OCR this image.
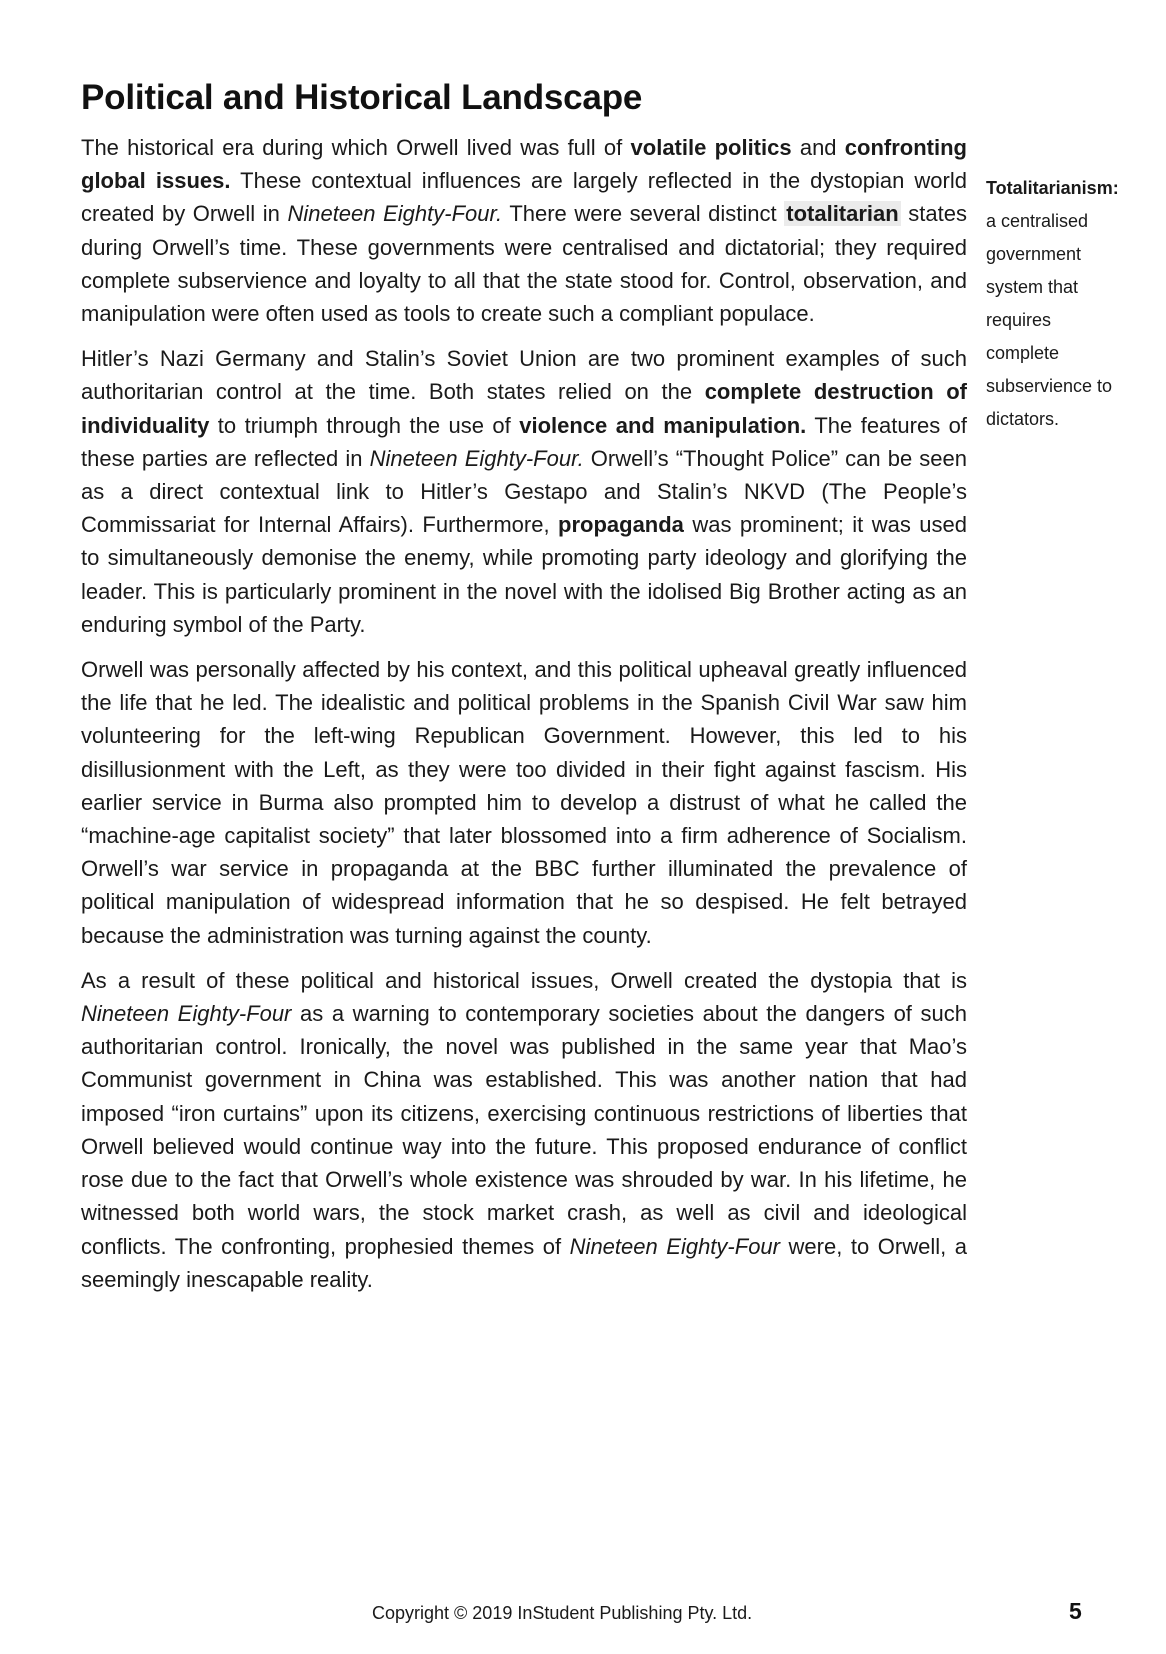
Political and Historical Landscape

The historical era during which Orwell lived was full of volatile politics and confronting global issues. These contextual influences are largely reflected in the dystopian world created by Orwell in Nineteen Eighty-Four. There were several distinct totalitarian states during Orwell’s time. These governments were centralised and dictatorial; they required complete subservience and loyalty to all that the state stood for. Control, observation, and manipulation were often used as tools to create such a compliant populace.

Hitler’s Nazi Germany and Stalin’s Soviet Union are two prominent examples of such authoritarian control at the time. Both states relied on the complete destruction of individuality to triumph through the use of violence and manipulation. The features of these parties are reflected in Nineteen Eighty-Four. Orwell’s “Thought Police” can be seen as a direct contextual link to Hitler’s Gestapo and Stalin’s NKVD (The People’s Commissariat for Internal Affairs). Furthermore, propaganda was prominent; it was used to simultaneously demonise the enemy, while promoting party ideology and glorifying the leader. This is particularly prominent in the novel with the idolised Big Brother acting as an enduring symbol of the Party.

Orwell was personally affected by his context, and this political upheaval greatly influenced the life that he led. The idealistic and political problems in the Spanish Civil War saw him volunteering for the left-wing Republican Government. However, this led to his disillusionment with the Left, as they were too divided in their fight against fascism. His earlier service in Burma also prompted him to develop a distrust of what he called the “machine-age capitalist society” that later blossomed into a firm adherence of Socialism. Orwell’s war service in propaganda at the BBC further illuminated the prevalence of political manipulation of widespread information that he so despised. He felt betrayed because the administration was turning against the county.

As a result of these political and historical issues, Orwell created the dystopia that is Nineteen Eighty-Four as a warning to contemporary societies about the dangers of such authoritarian control. Ironically, the novel was published in the same year that Mao’s Communist government in China was established. This was another nation that had imposed “iron curtains” upon its citizens, exercising continuous restrictions of liberties that Orwell believed would continue way into the future. This proposed endurance of conflict rose due to the fact that Orwell’s whole existence was shrouded by war. In his lifetime, he witnessed both world wars, the stock market crash, as well as civil and ideological conflicts. The confronting, prophesied themes of Nineteen Eighty-Four were, to Orwell, a seemingly inescapable reality.

Totalitarianism:
a centralised
government
system that
requires
complete
subservience to
dictators.
Copyright © 2019 InStudent Publishing Pty. Ltd.	5
